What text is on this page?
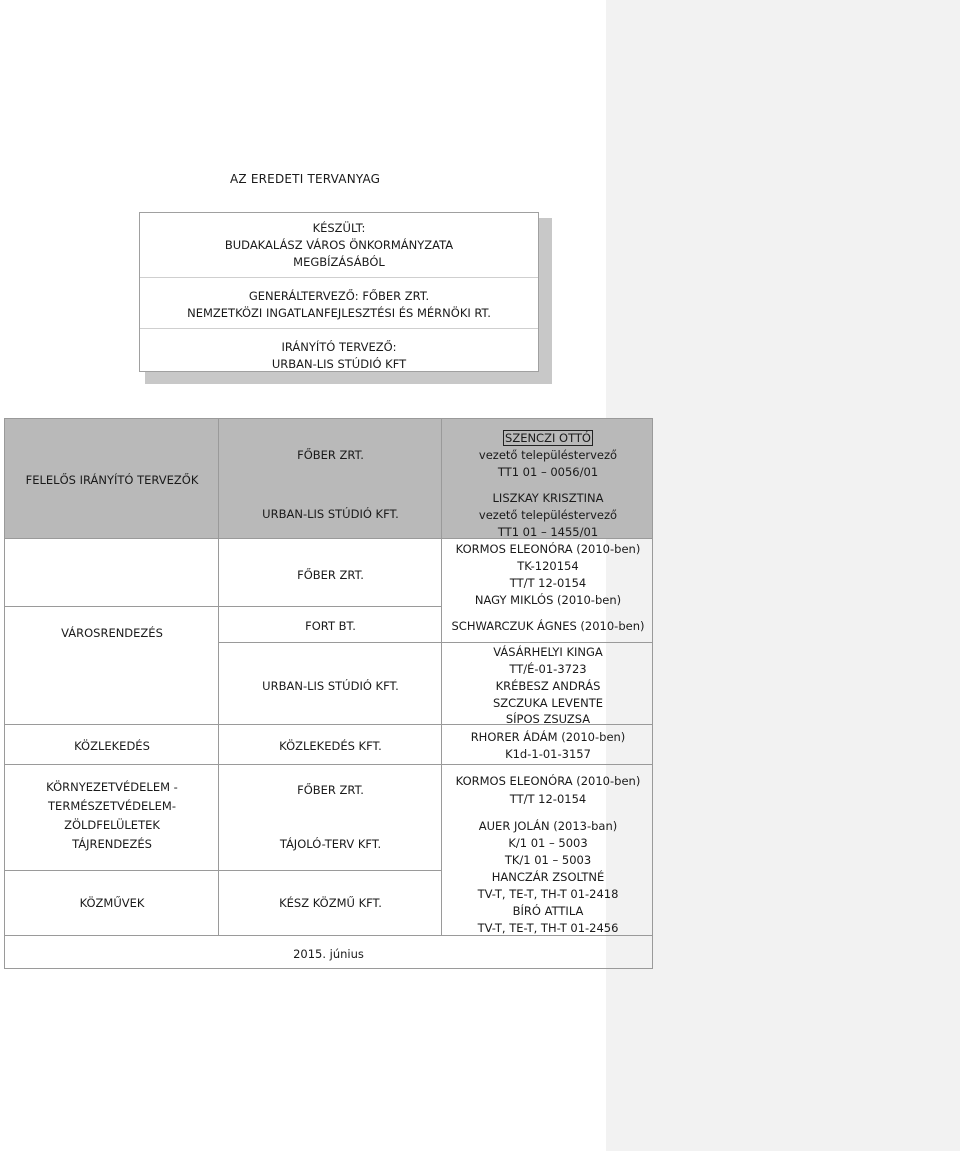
AZ EREDETI TERVANYAG
KÉSZÜLT:
BUDAKALÁSZ VÁROS ÖNKORMÁNYZATA
MEGBÍZÁSÁBÓL
GENERÁLTERVEZŐ: FŐBER ZRT.
NEMZETKÖZI INGATLANFEJLESZTÉSI ÉS MÉRNÖKI RT.
IRÁNYÍTÓ TERVEZŐ:
URBAN-LIS STÚDIÓ KFT
FELELŐS IRÁNYÍTÓ TERVEZŐK
VÁROSRENDEZÉS
KÖZLEKEDÉS
KÖRNYEZETVÉDELEM -
TERMÉSZETVÉDELEM-
ZÖLDFELÜLETEK
TÁJRENDEZÉS
KÖZMŰVEK
FŐBER ZRT.
URBAN-LIS STÚDIÓ KFT.
FŐBER ZRT.
FORT BT.
URBAN-LIS STÚDIÓ KFT.
KÖZLEKEDÉS KFT.
FŐBER ZRT.
TÁJOLÓ-TERV KFT.
KÉSZ KÖZMŰ KFT.
SZENCZI OTTÓ
vezető településtervező
TT1 01 – 0056/01
LISZKAY KRISZTINA
vezető településtervező
TT1 01 – 1455/01
KORMOS ELEONÓRA (2010-ben)
TK-120154
TT/T 12-0154
NAGY MIKLÓS (2010-ben)
SCHWARCZUK ÁGNES (2010-ben)
VÁSÁRHELYI KINGA
TT/É-01-3723
KRÉBESZ ANDRÁS
SZCZUKA LEVENTE
SÍPOS ZSUZSA
RHORER ÁDÁM (2010-ben)
K1d-1-01-3157
KORMOS ELEONÓRA (2010-ben)
TT/T 12-0154
AUER JOLÁN (2013-ban)
K/1 01 – 5003
TK/1 01 – 5003
HANCZÁR ZSOLTNÉ
TV-T, TE-T, TH-T 01-2418
BÍRÓ ATTILA
TV-T, TE-T, TH-T 01-2456
2015. június
